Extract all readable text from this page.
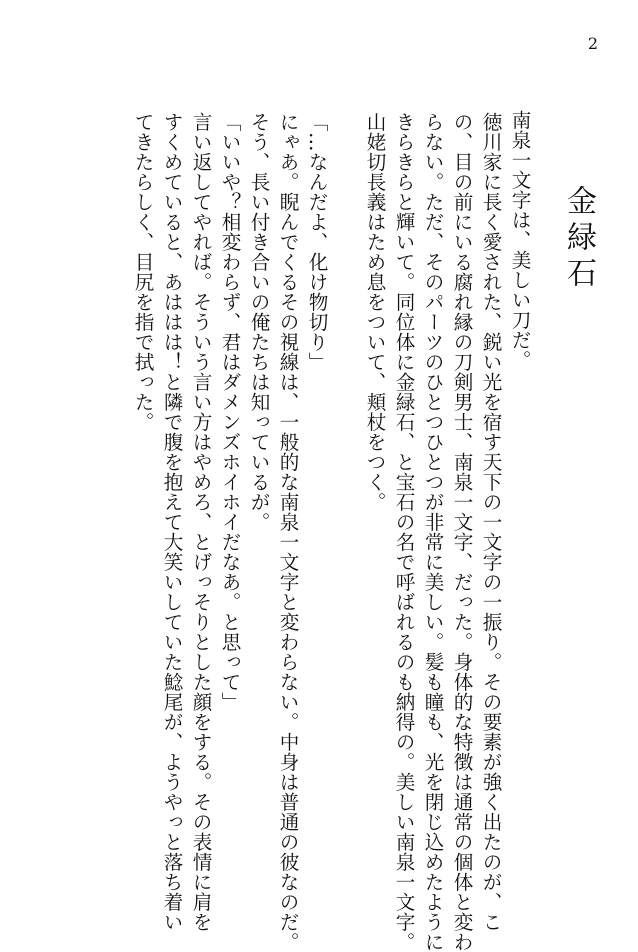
2
金緑石
南泉一文字は、美しい刀だ。
徳川家に長く愛された、鋭い光を宿す天下の一文字の一振り。その要素が強く出たのが、こ
の、目の前にいる腐れ縁の刀剣男士、南泉一文字、だった。身体的な特徴は通常の個体と変わ
らない。ただ、そのパーツのひとつひとつが非常に美しい。髪も瞳も、光を閉じ込めたように
きらきらと輝いて。同位体に金緑石、と宝石の名で呼ばれるのも納得の。美しい南泉一文字。
山姥切長義はため息をついて、頬杖をつく。
「…なんだよ、化け物切り」
にゃあ。睨んでくるその視線は、一般的な南泉一文字と変わらない。中身は普通の彼なのだ。
そう、長い付き合いの俺たちは知っているが。
「いいや？相変わらず、君はダメンズホイホイだなあ。と思って」
言い返してやれば。そういう言い方はやめろ、とげっそりとした顔をする。その表情に肩を
すくめていると、あははは！と隣で腹を抱えて大笑いしていた鯰尾が、ようやっと落ち着い
てきたらしく、目尻を指で拭った。
